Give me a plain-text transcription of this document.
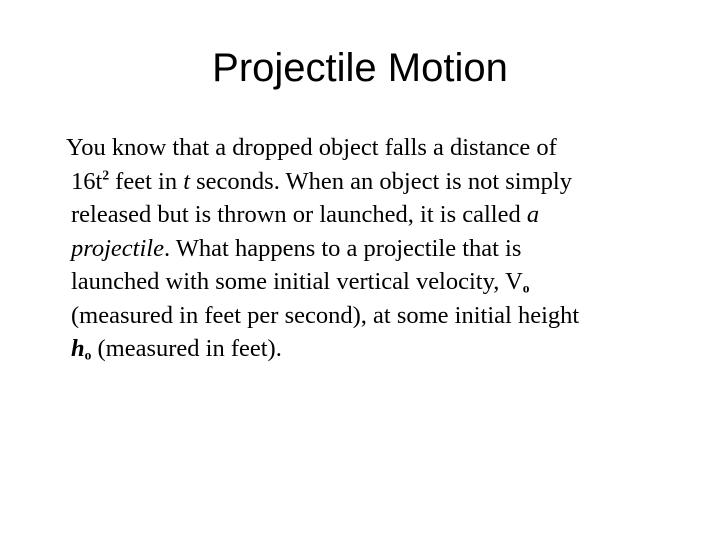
Projectile Motion
You know that a dropped object falls a distance of
$16t^2$ feet in t seconds. When an object is not simply
released but is thrown or launched, it is called a
projectile. What happens to a projectile that is
launched with some initial vertical velocity, $V_o$
(measured in feet per second), at some initial height
$h_o$ (measured in feet).
